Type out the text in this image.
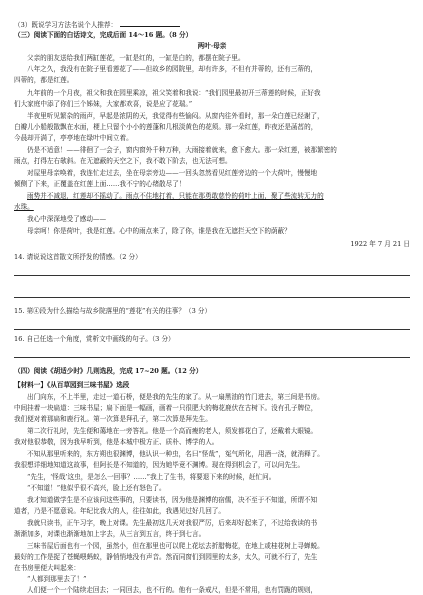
（3）既说学习方法名说个人推荐：
（三）阅读下面的白话诗文，完成后面 14～16 题。（8 分）
两叶·母亲
父亲的朋友送给我们两缸莲花，一缸是红的，一缸是白的，都摆在院子里。
八年之久，我没有在院子里看莲花了——但故乡的园院里，却有许多，不但有并蒂的，还有三蒂的，
四蒂的，都是红莲。
九年前的一个月夜，祖父和我在园里乘凉，祖父笑着和我说：“我们园里最初开三蒂莲的时候，正好我
们大家庭中添了你们三个姊妹，大家都欢喜，说是应了花瑞。”
半夜里听见繁杂的雨声，早起是浓阴的天，我觉得有些愉闷。从窗内往外看时，那一朵白莲已经谢了，
白瓣儿小船般散飘在水面，梗上只留个小小的莲蓬和几根淡黄色的花须。那一朵红莲，昨夜还是菡萏的，
今晨却开满了，亭亭地在绿叶中间立着。
仍是不适意！——徘徊了一会子，窗内窗外千种万种，大雨接着就来，愈下愈大。那一朵红莲，被那繁密的
雨点，打得左右欹斜。在无遮蔽的天空之下，我不敢下阶去，也无法可想。
对屋里母亲唤着，我连忙走过去，坐在母亲旁边——一回头忽然看见红莲旁边的一个大荷叶，慢慢地
倾侧了下来，正覆盖在红莲上面……我不宁的心绪散尽了！
雨势并不减退，红莲却不摇动了。雨点不住地打着，只能在那勇敢慈怜的荷叶上面，聚了些流转无力的
水珠。
我心中深深地受了感动——
母亲呵！你是荷叶，我是红莲。心中的雨点来了，除了你，谁是我在无遮拦天空下的荫蔽？
1922 年 7 月 21 日
14. 请说说这首散文所抒发的情感。（2 分）
15. 第④段为什么描绘与故乡院落里的“莲花”有关的往事？（3 分）
16. 自己任选一个角度，赏析文中画线的句子。（3 分）
（四）阅读《胡适少时》几则选段，完成 17~20 题。（12 分）
【材料一】《从百草园到三味书屋》选段
出门向东，不上半里，走过一道石桥，便是我的先生的家了。从一扇黑油的竹门进去，第三间是书房。
中间挂着一块扁道：三味书屋；扁下面是一幅画，画着一只很肥大的梅花鹿伏在古树下。没有孔子牌位，
我们便对着那扁和鹿行礼。第一次算是拜孔子，第二次算是拜先生。
第二次行礼时，先生便和蔼地在一旁答礼。他是一个高而瘦的老人，须发都花白了，还戴着大眼镜。
我对他很恭敬，因为我早听到，他是本城中极方正、质朴、博学的人。
不知从那里听来的，东方朔也很渊博，他认识一种虫，名曰“怪哉”，冤气所化，用酒一浇，就消释了。
我很想详细地知道这故事，但阿长是不知道的，因为她毕竟不渊博。现在得到机会了，可以问先生。
“先生，‘怪哉’这虫，是怎么一回事？……”我上了生书，将要退下来的时候，赶忙问。
“不知道！”他似乎很不高兴，脸上还有怒色了。
我才知道做学生是不应该问这些事的，只要读书，因为他是渊博的宿儒，决不至于不知道，所谓不知
道者，乃是不愿意说。年纪比我大的人，往往如此，我遇见过好几回了。
我就只读书，正午习字，晚上对课。先生最初这几天对我很严厉，后来却好起来了，不过给我读的书
渐渐加多，对课也渐渐地加上字去，从三言到五言，终于到七言。
三味书屋后面也有一个园，虽然小，但在那里也可以爬上花坛去折腊梅花，在地上或桂花树上寻蝉蜕。
最好的工作是捉了苍蝇喂蚂蚁，静悄悄地没有声音。然而同窗们到园里的太多，太久，可就不行了，先生
在书房里便大叫起来：
“人都到那里去了！”
人们便一个一个陆续走回去；一同回去，也不行的。他有一条戒尺，但是不常用，也有罚跪的规则，
